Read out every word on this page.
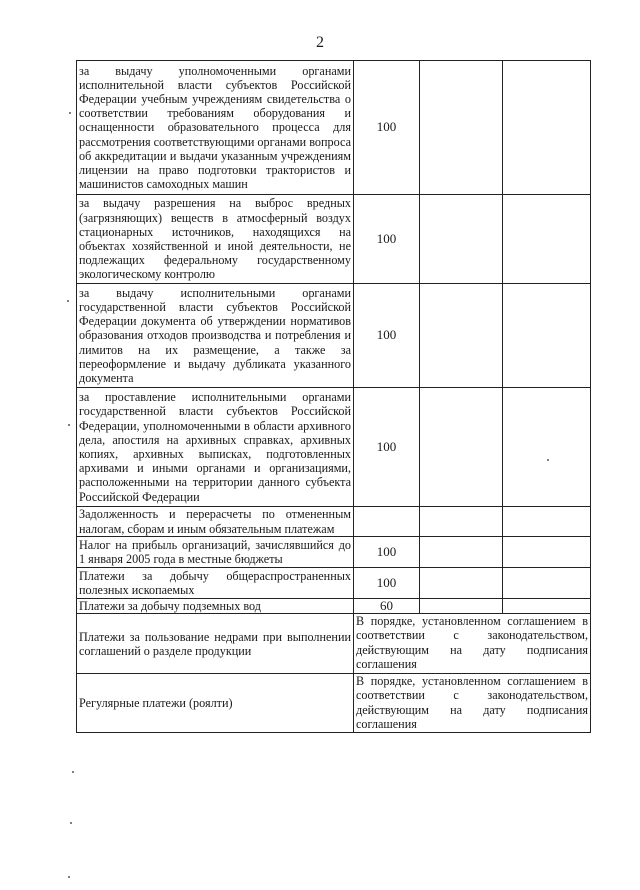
2
за выдачу уполномоченными органами исполнительной власти субъектов Российской Федерации учебным учреждениям свидетельства о соответствии требованиям оборудования и оснащенности образовательного процесса для рассмотрения соответствующими органами вопроса об аккредитации и выдачи указанным учреждениям лицензии на право подготовки трактористов и машинистов самоходных машин	100		
за выдачу разрешения на выброс вредных (загрязняющих) веществ в атмосферный воздух стационарных источников, находящихся на объектах хозяйственной и иной деятельности, не подлежащих федеральному государственному экологическому контролю	100		
за выдачу исполнительными органами государственной власти субъектов Российской Федерации документа об утверждении нормативов образования отходов производства и потребления и лимитов на их размещение, а также за переоформление и выдачу дубликата указанного документа	100		
за проставление исполнительными органами государственной власти субъектов Российской Федерации, уполномоченными в области архивного дела, апостиля на архивных справках, архивных копиях, архивных выписках, подготовленных архивами и иными органами и организациями, расположенными на территории данного субъекта Российской Федерации	100		
Задолженность и перерасчеты по отмененным налогам, сборам и иным обязательным платежам			
Налог на прибыль организаций, зачислявшийся до 1 января 2005 года в местные бюджеты	100		
Платежи за добычу общераспространенных полезных ископаемых	100		
Платежи за добычу подземных вод	60		
Платежи за пользование недрами при выполнении соглашений о разделе продукции	В порядке, установленном соглашением в соответствии с законодательством, действующим на дату подписания соглашения		
Регулярные платежи (роялти)	В порядке, установленном соглашением в соответствии с законодательством, действующим на дату подписания соглашения		
